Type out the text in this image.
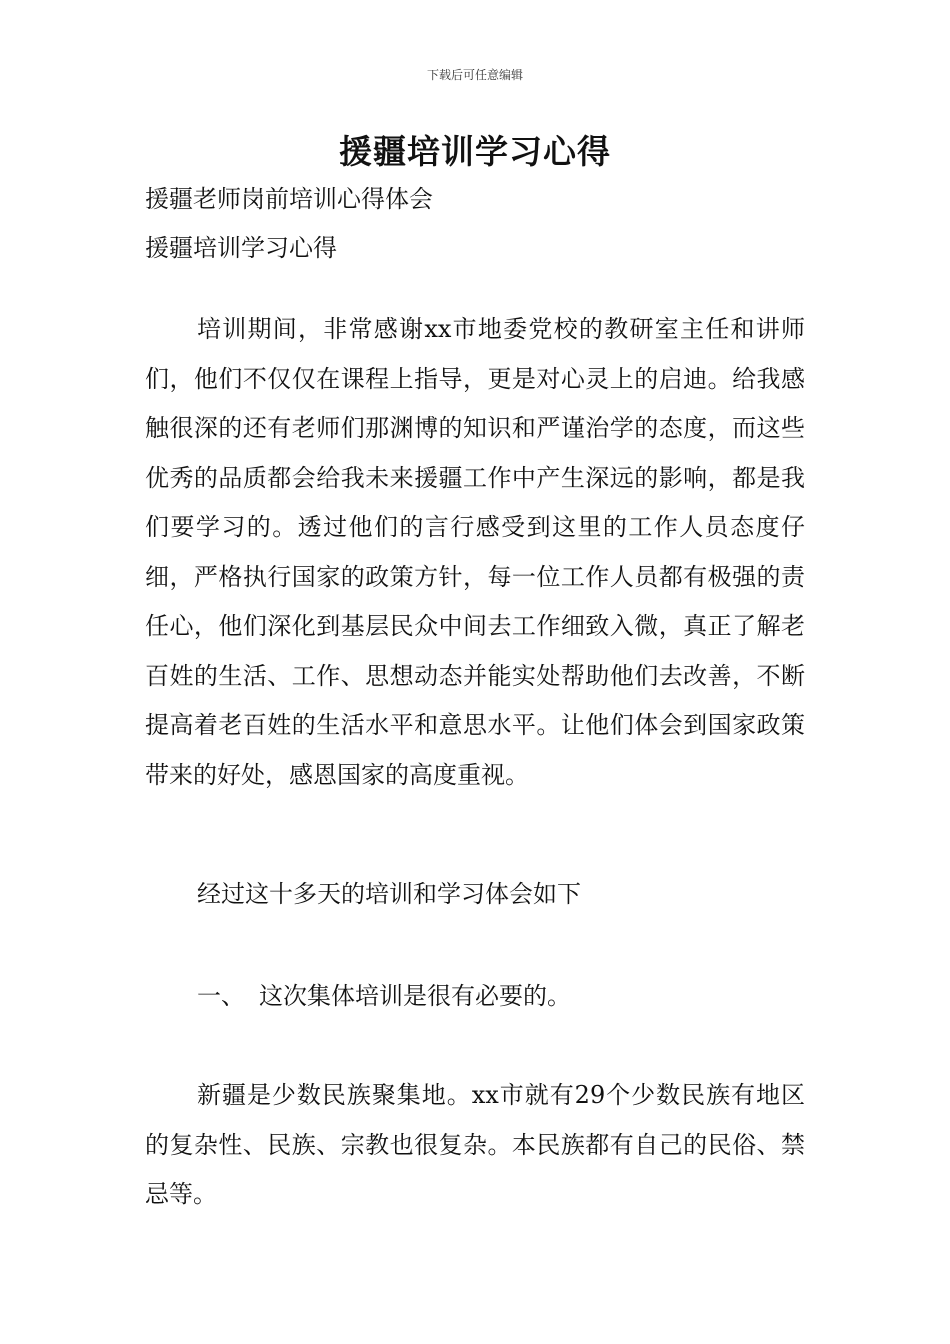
下载后可任意编辑
援疆培训学习心得
援疆老师岗前培训心得体会
援疆培训学习心得

培训期间，非常感谢xx市地委党校的教研室主任和讲师们，他们不仅仅在课程上指导，更是对心灵上的启迪。给我感触很深的还有老师们那渊博的知识和严谨治学的态度，而这些优秀的品质都会给我未来援疆工作中产生深远的影响，都是我们要学习的。透过他们的言行感受到这里的工作人员态度仔细，严格执行国家的政策方针，每一位工作人员都有极强的责任心，他们深化到基层民众中间去工作细致入微，真正了解老百姓的生活、工作、思想动态并能实处帮助他们去改善，不断提高着老百姓的生活水平和意思水平。让他们体会到国家政策带来的好处，感恩国家的高度重视。

经过这十多天的培训和学习体会如下

一、 这次集体培训是很有必要的。

新疆是少数民族聚集地。xx市就有29个少数民族有地区的复杂性、民族、宗教也很复杂。本民族都有自己的民俗、禁忌等。
